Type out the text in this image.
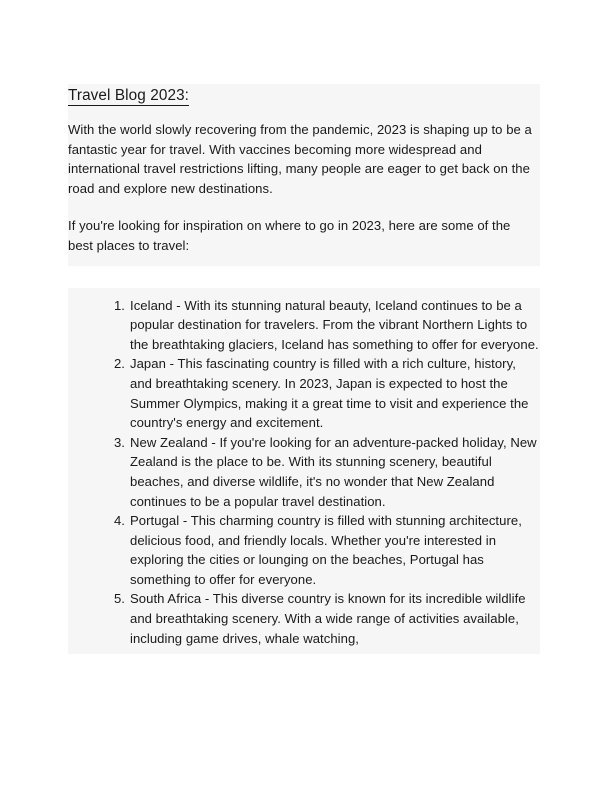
Travel Blog 2023:

With the world slowly recovering from the pandemic, 2023 is shaping up to be a fantastic year for travel. With vaccines becoming more widespread and international travel restrictions lifting, many people are eager to get back on the road and explore new destinations.

If you're looking for inspiration on where to go in 2023, here are some of the best places to travel:

Iceland - With its stunning natural beauty, Iceland continues to be a popular destination for travelers. From the vibrant Northern Lights to the breathtaking glaciers, Iceland has something to offer for everyone.
Japan - This fascinating country is filled with a rich culture, history, and breathtaking scenery. In 2023, Japan is expected to host the Summer Olympics, making it a great time to visit and experience the country's energy and excitement.
New Zealand - If you're looking for an adventure-packed holiday, New Zealand is the place to be. With its stunning scenery, beautiful beaches, and diverse wildlife, it's no wonder that New Zealand continues to be a popular travel destination.
Portugal - This charming country is filled with stunning architecture, delicious food, and friendly locals. Whether you're interested in exploring the cities or lounging on the beaches, Portugal has something to offer for everyone.
South Africa - This diverse country is known for its incredible wildlife and breathtaking scenery. With a wide range of activities available, including game drives, whale watching,
